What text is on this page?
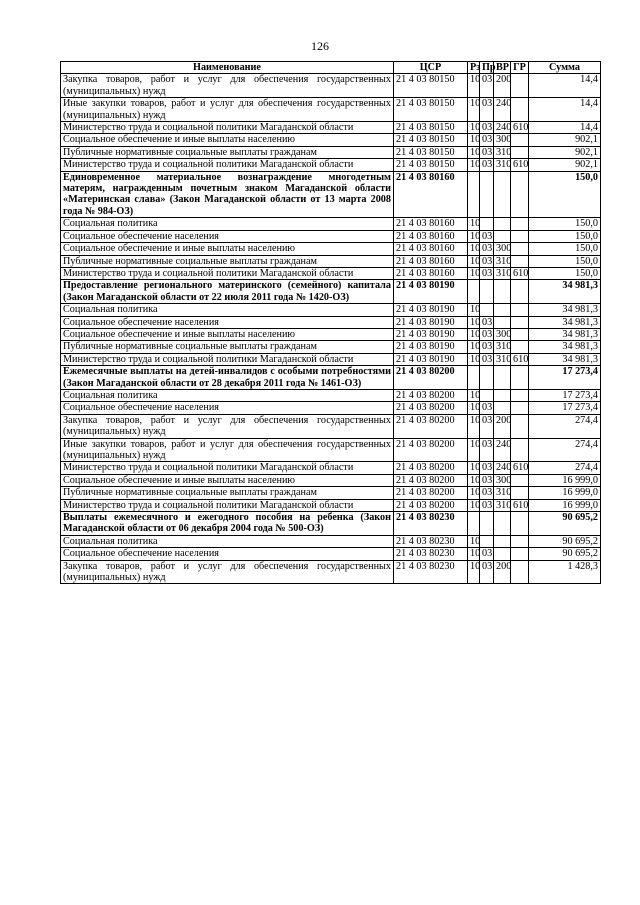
126
Наименование	ЦСР	Рз	Пр	ВР	ГР	Сумма
Закупка товаров, работ и услуг для обеспечения государственных (муниципальных) нужд	21 4 03 80150	10	03	200		14,4
Иные закупки товаров, работ и услуг для обеспечения государственных (муниципальных) нужд	21 4 03 80150	10	03	240		14,4
Министерство труда и социальной политики Магаданской области	21 4 03 80150	10	03	240	610	14,4
Социальное обеспечение и иные выплаты населению	21 4 03 80150	10	03	300		902,1
Публичные нормативные социальные выплаты гражданам	21 4 03 80150	10	03	310		902,1
Министерство труда и социальной политики Магаданской области	21 4 03 80150	10	03	310	610	902,1
Единовременное материальное вознаграждение многодетным матерям, награжденным почетным знаком Магаданской области «Материнская слава» (Закон Магаданской области от 13 марта 2008 года № 984-ОЗ)	21 4 03 80160					150,0
Социальная политика	21 4 03 80160	10				150,0
Социальное обеспечение населения	21 4 03 80160	10	03			150,0
Социальное обеспечение и иные выплаты населению	21 4 03 80160	10	03	300		150,0
Публичные нормативные социальные выплаты гражданам	21 4 03 80160	10	03	310		150,0
Министерство труда и социальной политики Магаданской области	21 4 03 80160	10	03	310	610	150,0
Предоставление регионального материнского (семейного) капитала (Закон Магаданской области от 22 июля 2011 года № 1420-ОЗ)	21 4 03 80190					34 981,3
Социальная политика	21 4 03 80190	10				34 981,3
Социальное обеспечение населения	21 4 03 80190	10	03			34 981,3
Социальное обеспечение и иные выплаты населению	21 4 03 80190	10	03	300		34 981,3
Публичные нормативные социальные выплаты гражданам	21 4 03 80190	10	03	310		34 981,3
Министерство труда и социальной политики Магаданской области	21 4 03 80190	10	03	310	610	34 981,3
Ежемесячные выплаты на детей-инвалидов с особыми потребностями (Закон Магаданской области от 28 декабря 2011 года № 1461-ОЗ)	21 4 03 80200					17 273,4
Социальная политика	21 4 03 80200	10				17 273,4
Социальное обеспечение населения	21 4 03 80200	10	03			17 273,4
Закупка товаров, работ и услуг для обеспечения государственных (муниципальных) нужд	21 4 03 80200	10	03	200		274,4
Иные закупки товаров, работ и услуг для обеспечения государственных (муниципальных) нужд	21 4 03 80200	10	03	240		274,4
Министерство труда и социальной политики Магаданской области	21 4 03 80200	10	03	240	610	274,4
Социальное обеспечение и иные выплаты населению	21 4 03 80200	10	03	300		16 999,0
Публичные нормативные социальные выплаты гражданам	21 4 03 80200	10	03	310		16 999,0
Министерство труда и социальной политики Магаданской области	21 4 03 80200	10	03	310	610	16 999,0
Выплаты ежемесячного и ежегодного пособия на ребенка (Закон Магаданской области от 06 декабря 2004 года № 500-ОЗ)	21 4 03 80230					90 695,2
Социальная политика	21 4 03 80230	10				90 695,2
Социальное обеспечение населения	21 4 03 80230	10	03			90 695,2
Закупка товаров, работ и услуг для обеспечения государственных (муниципальных) нужд	21 4 03 80230	10	03	200		1 428,3
